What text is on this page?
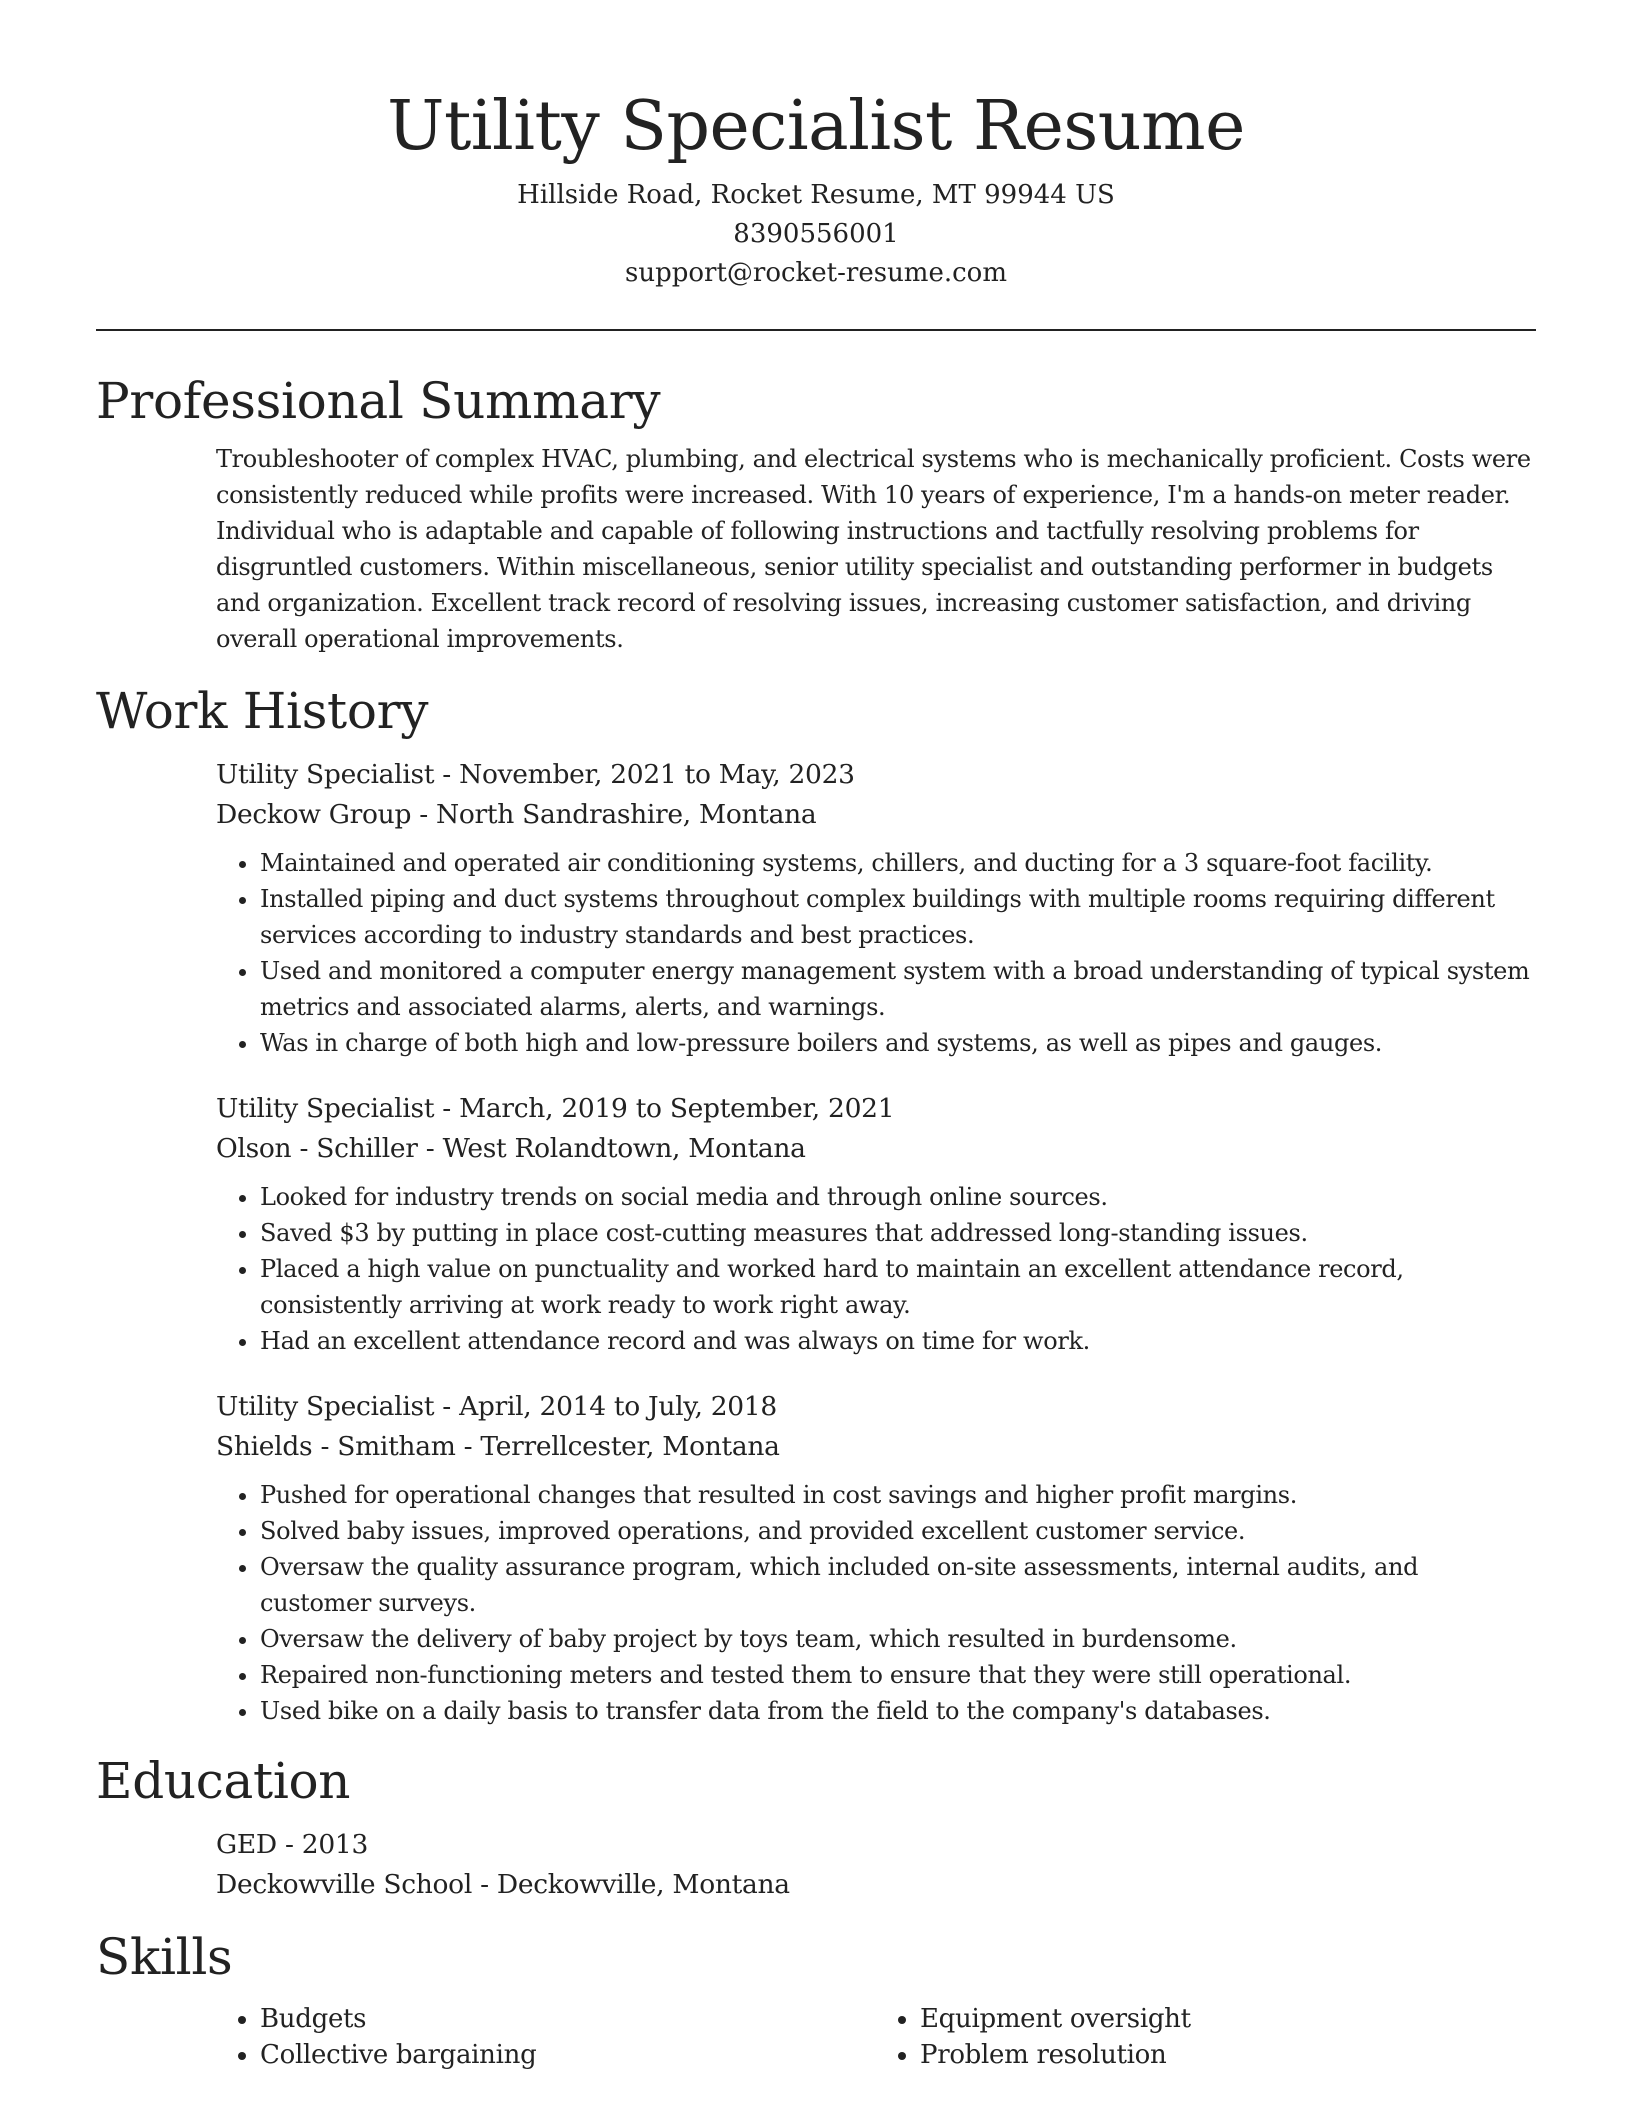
Utility Specialist Resume

Hillside Road, Rocket Resume, MT 99944 US

8390556001

support@rocket-resume.com

Professional Summary

Troubleshooter of complex HVAC, plumbing, and electrical systems who is mechanically proficient. Costs were consistently reduced while profits were increased. With 10 years of experience, I'm a hands-on meter reader. Individual who is adaptable and capable of following instructions and tactfully resolving problems for disgruntled customers. Within miscellaneous, senior utility specialist and outstanding performer in budgets and organization. Excellent track record of resolving issues, increasing customer satisfaction, and driving overall operational improvements.

Work History

Utility Specialist - November, 2021 to May, 2023

Deckow Group - North Sandrashire, Montana

• Maintained and operated air conditioning systems, chillers, and ducting for a 3 square-foot facility.
• Installed piping and duct systems throughout complex buildings with multiple rooms requiring different services according to industry standards and best practices.
• Used and monitored a computer energy management system with a broad understanding of typical system metrics and associated alarms, alerts, and warnings.
• Was in charge of both high and low-pressure boilers and systems, as well as pipes and gauges.

Utility Specialist - March, 2019 to September, 2021

Olson - Schiller - West Rolandtown, Montana

• Looked for industry trends on social media and through online sources.
• Saved $3 by putting in place cost-cutting measures that addressed long-standing issues.
• Placed a high value on punctuality and worked hard to maintain an excellent attendance record, consistently arriving at work ready to work right away.
• Had an excellent attendance record and was always on time for work.

Utility Specialist - April, 2014 to July, 2018

Shields - Smitham - Terrellcester, Montana

• Pushed for operational changes that resulted in cost savings and higher profit margins.
• Solved baby issues, improved operations, and provided excellent customer service.
• Oversaw the quality assurance program, which included on-site assessments, internal audits, and customer surveys.
• Oversaw the delivery of baby project by toys team, which resulted in burdensome.
• Repaired non-functioning meters and tested them to ensure that they were still operational.
• Used bike on a daily basis to transfer data from the field to the company's databases.
Education

GED - 2013

Deckowville School - Deckowville, Montana

Skills
• Budgets
• Collective bargaining
• Equipment oversight
• Problem resolution
